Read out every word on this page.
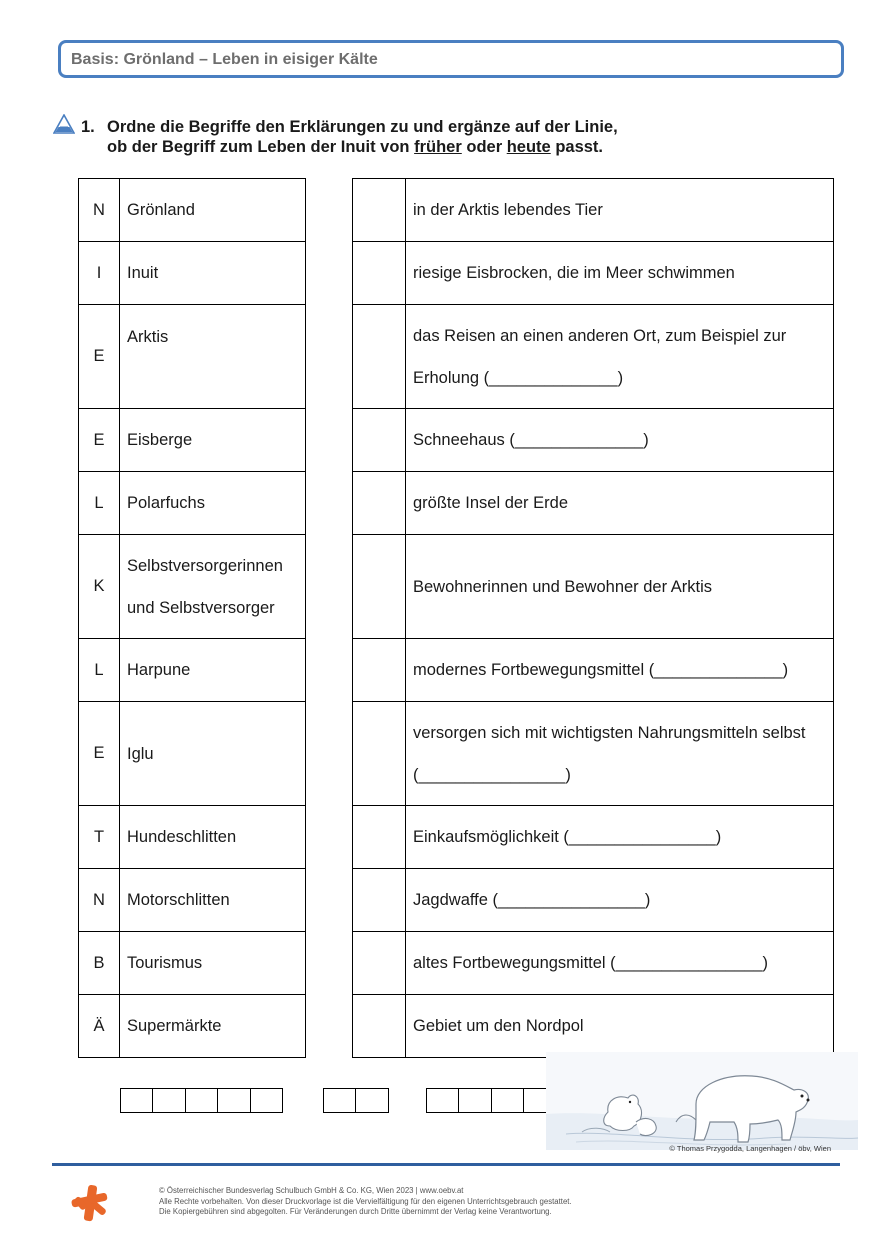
Basis: Grönland – Leben in eisiger Kälte
1. Ordne die Begriffe den Erklärungen zu und ergänze auf der Linie,
ob der Begriff zum Leben der Inuit von früher oder heute passt.
N	Grönland
I	Inuit
E	Arktis
E	Eisberge
L	Polarfuchs
K	Selbstversorgerinnen und Selbstversorger
L	Harpune
E	Iglu
T	Hundeschlitten
N	Motorschlitten
B	Tourismus
Ä	Supermärkte
	in der Arktis lebendes Tier
	riesige Eisbrocken, die im Meer schwimmen
	das Reisen an einen anderen Ort, zum Beispiel zur Erholung (______________)
	Schneehaus (______________)
	größte Insel der Erde
	Bewohnerinnen und Bewohner der Arktis
	modernes Fortbewegungsmittel (______________)
	versorgen sich mit wichtigsten Nahrungsmitteln selbst (________________)
	Einkaufsmöglichkeit (________________)
	Jagdwaffe (________________)
	altes Fortbewegungsmittel (________________)
	Gebiet um den Nordpol
© Thomas Przygodda, Langenhagen / öbv, Wien
© Österreichischer Bundesverlag Schulbuch GmbH & Co. KG, Wien 2023 | www.oebv.at
Alle Rechte vorbehalten. Von dieser Druckvorlage ist die Vervielfältigung für den eigenen Unterrichtsgebrauch gestattet.
Die Kopiergebühren sind abgegolten. Für Veränderungen durch Dritte übernimmt der Verlag keine Verantwortung.
